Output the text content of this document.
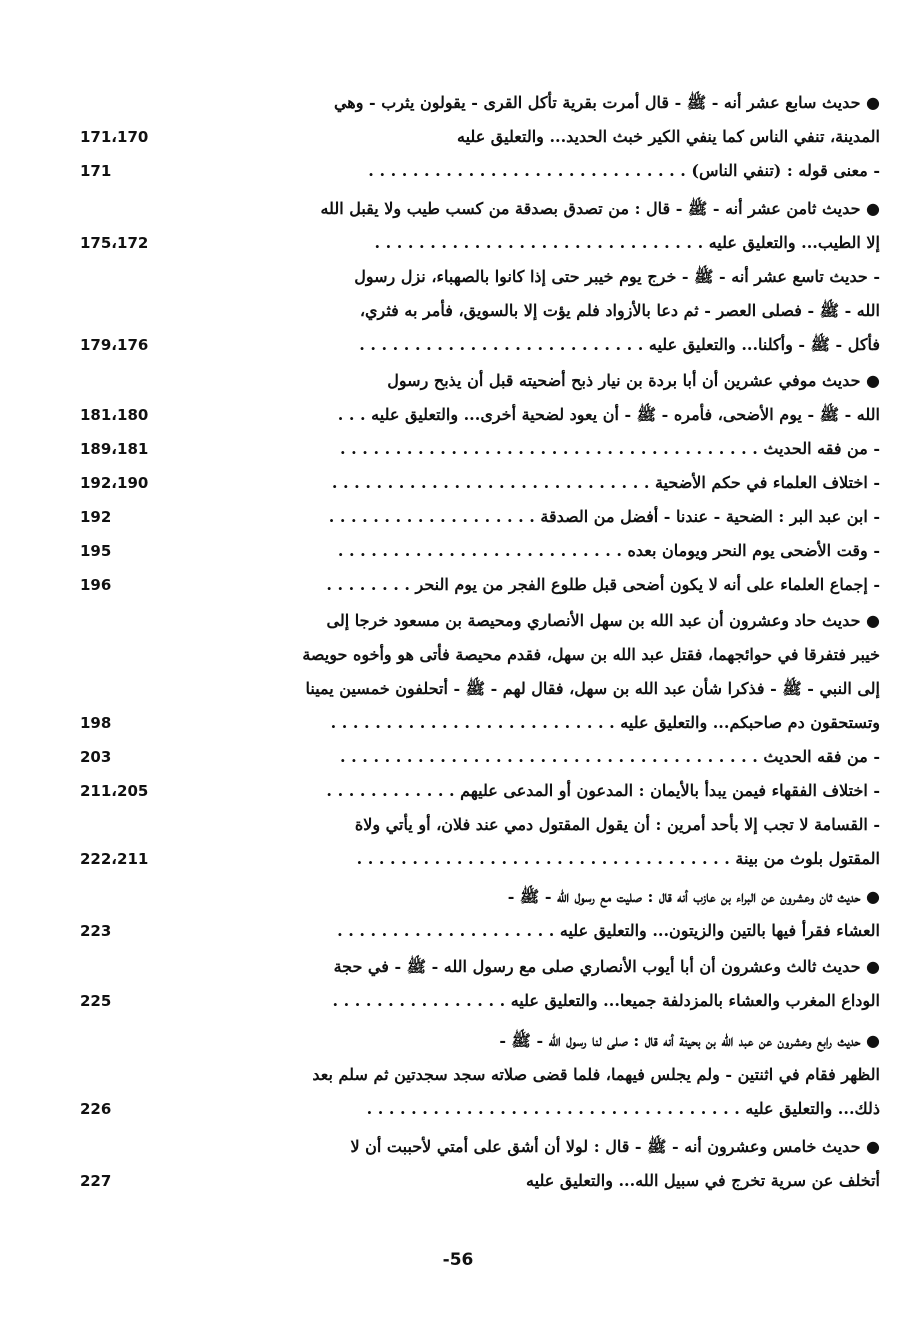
● حديث سابع عشر أنه - ﷺ - قال أمرت بقرية تأكل القرى - يقولون يثرب - وهي
171،170	المدينة، تنفي الناس كما ينفي الكير خبث الحديد... والتعليق عليه
171	- معنى قوله : (تنفي الناس) . . . . . . . . . . . . . . . . . . . . . . . . . . . . .
● حديث ثامن عشر أنه - ﷺ - قال : من تصدق بصدقة من كسب طيب ولا يقبل الله
175،172	إلا الطيب... والتعليق عليه . . . . . . . . . . . . . . . . . . . . . . . . . . . . . .
- حديث تاسع عشر أنه - ﷺ - خرج يوم خيبر حتى إذا كانوا بالصهباء، نزل رسول
الله - ﷺ - فصلى العصر - ثم دعا بالأزواد فلم يؤت إلا بالسويق، فأمر به فثري،
179،176	فأكل - ﷺ - وأكلنا... والتعليق عليه . . . . . . . . . . . . . . . . . . . . . . . . . .
● حديث موفي عشرين أن أبا بردة بن نيار ذبح أضحيته قبل أن يذبح رسول
181،180	الله - ﷺ - يوم الأضحى، فأمره - ﷺ - أن يعود لضحية أخرى... والتعليق عليه . . .
189،181	- من فقه الحديث . . . . . . . . . . . . . . . . . . . . . . . . . . . . . . . . . . . . . .
192،190	- اختلاف العلماء في حكم الأضحية . . . . . . . . . . . . . . . . . . . . . . . . . . . . .
192	- ابن عبد البر : الضحية - عندنا - أفضل من الصدقة . . . . . . . . . . . . . . . . . . .
195	- وقت الأضحى يوم النحر ويومان بعده . . . . . . . . . . . . . . . . . . . . . . . . . .
196	- إجماع العلماء على أنه لا يكون أضحى قبل طلوع الفجر من يوم النحر . . . . . . . .
● حديث حاد وعشرون أن عبد الله بن سهل الأنصاري ومحيصة بن مسعود خرجا إلى
خيبر فتفرقا في حوائجهما، فقتل عبد الله بن سهل، فقدم محيصة فأتى هو وأخوه حويصة
إلى النبي - ﷺ - فذكرا شأن عبد الله بن سهل، فقال لهم - ﷺ - أتحلفون خمسين يمينا
198	وتستحقون دم صاحبكم... والتعليق عليه . . . . . . . . . . . . . . . . . . . . . . . . . .
203	- من فقه الحديث . . . . . . . . . . . . . . . . . . . . . . . . . . . . . . . . . . . . . .
211،205	- اختلاف الفقهاء فيمن يبدأ بالأيمان : المدعون أو المدعى عليهم . . . . . . . . . . . .
- القسامة لا تجب إلا بأحد أمرين : أن يقول المقتول دمي عند فلان، أو يأتي ولاة
222،211	المقتول بلوث من بينة . . . . . . . . . . . . . . . . . . . . . . . . . . . . . . . . . .
● حديث ثان وعشرون عن البراء بن عازب أنه قال : صليت مع رسول الله - ﷺ -
223	العشاء فقرأ فيها بالتين والزيتون... والتعليق عليه . . . . . . . . . . . . . . . . . . . .
● حديث ثالث وعشرون أن أبا أيوب الأنصاري صلى مع رسول الله - ﷺ - في حجة
225	الوداع المغرب والعشاء بالمزدلفة جميعا... والتعليق عليه . . . . . . . . . . . . . . . .
● حديث رابع وعشرون عن عبد الله بن بحينة أنه قال : صلى لنا رسول الله - ﷺ -
الظهر فقام في اثنتين - ولم يجلس فيهما، فلما قضى صلاته سجد سجدتين ثم سلم بعد
226	ذلك... والتعليق عليه . . . . . . . . . . . . . . . . . . . . . . . . . . . . . . . . . .
● حديث خامس وعشرون أنه - ﷺ - قال : لولا أن أشق على أمتي لأحببت أن لا
227	أتخلف عن سرية تخرج في سبيل الله... والتعليق عليه
-56
